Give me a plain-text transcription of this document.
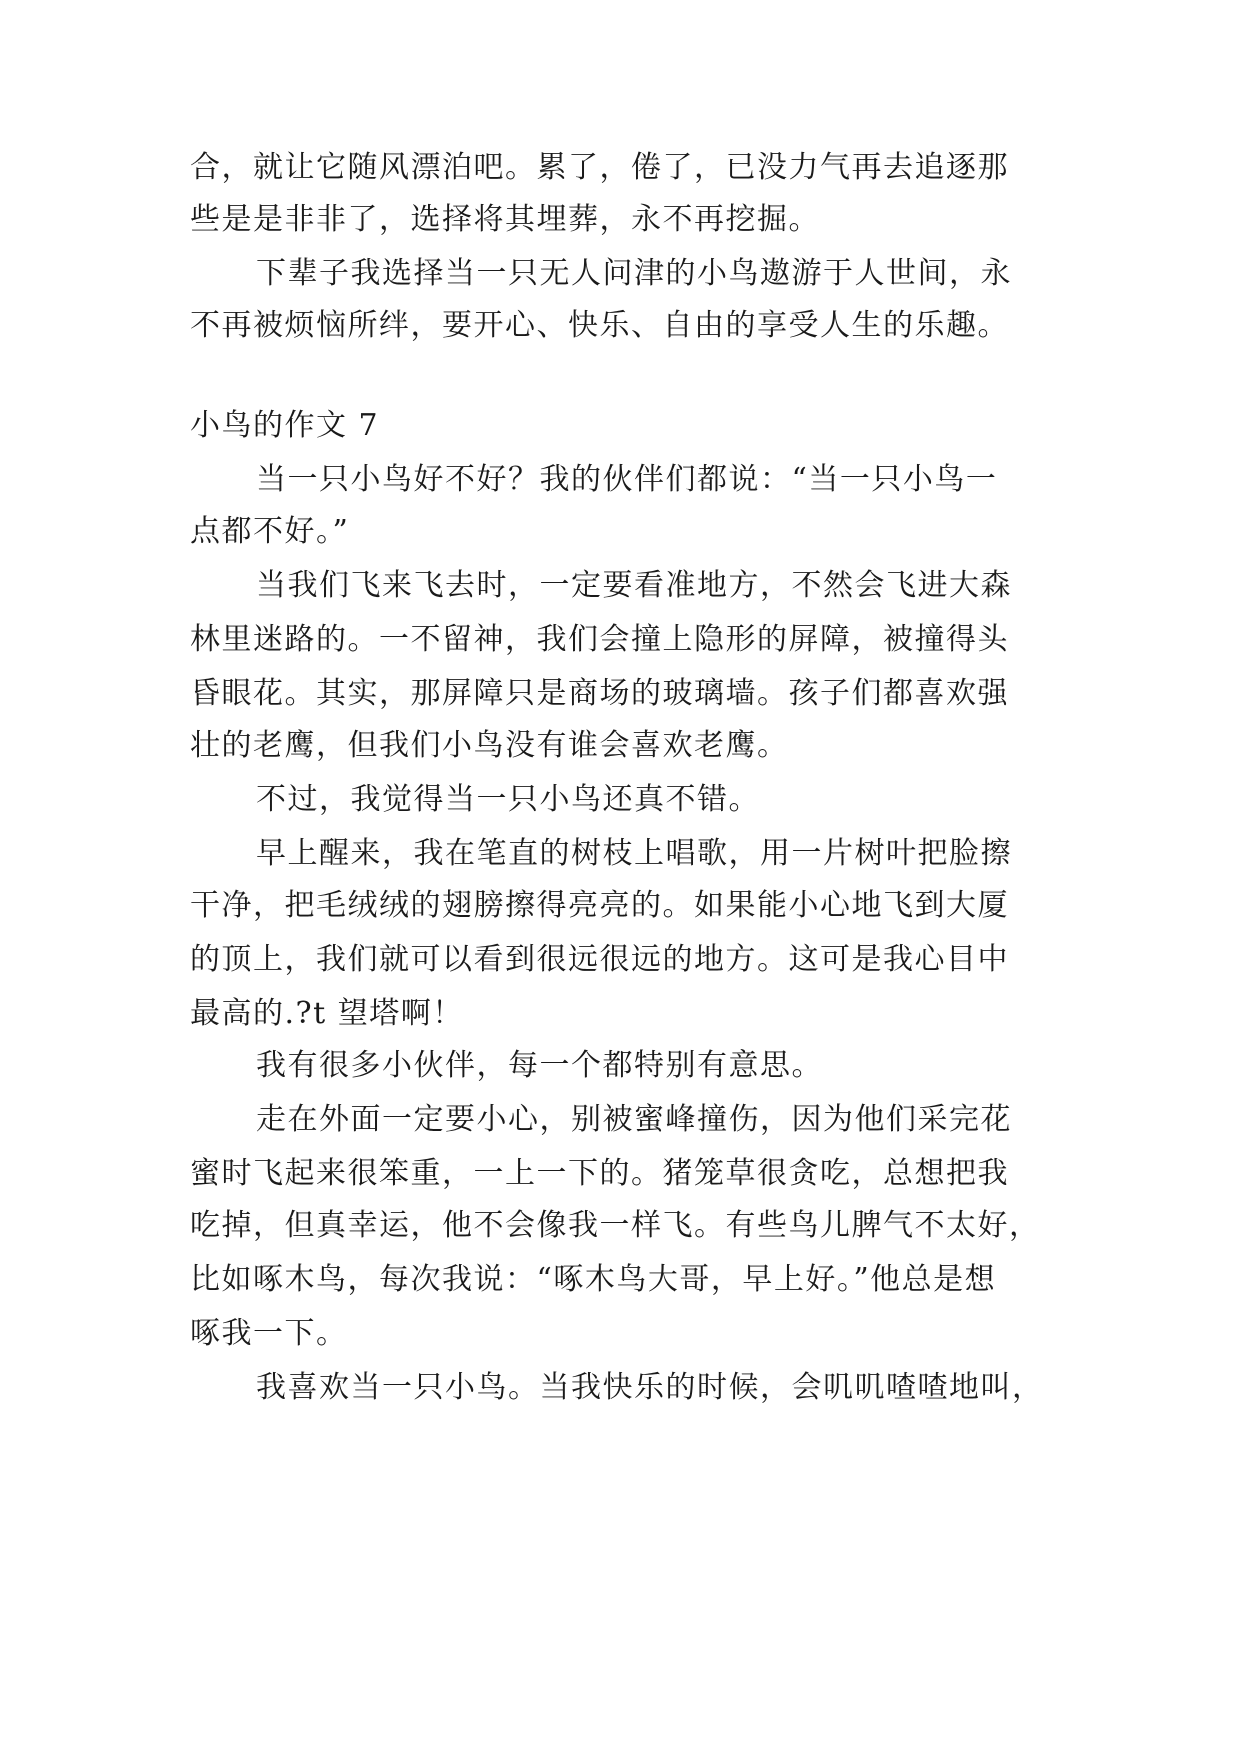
合，就让它随风漂泊吧。累了，倦了，已没力气再去追逐那
些是是非非了，选择将其埋葬，永不再挖掘。
下辈子我选择当一只无人问津的小鸟遨游于人世间，永
不再被烦恼所绊，要开心、快乐、自由的享受人生的乐趣。
小鸟的作文 7
当一只小鸟好不好？我的伙伴们都说：“当一只小鸟一
点都不好。”
当我们飞来飞去时，一定要看准地方，不然会飞进大森
林里迷路的。一不留神，我们会撞上隐形的屏障，被撞得头
昏眼花。其实，那屏障只是商场的玻璃墙。孩子们都喜欢强
壮的老鹰，但我们小鸟没有谁会喜欢老鹰。
不过，我觉得当一只小鸟还真不错。
早上醒来，我在笔直的树枝上唱歌，用一片树叶把脸擦
干净，把毛绒绒的翅膀擦得亮亮的。如果能小心地飞到大厦
的顶上，我们就可以看到很远很远的地方。这可是我心目中
最高的.?t 望塔啊！
我有很多小伙伴，每一个都特别有意思。
走在外面一定要小心，别被蜜峰撞伤，因为他们采完花
蜜时飞起来很笨重，一上一下的。猪笼草很贪吃，总想把我
吃掉，但真幸运，他不会像我一样飞。有些鸟儿脾气不太好，
比如啄木鸟，每次我说：“啄木鸟大哥，早上好。”他总是想
啄我一下。
我喜欢当一只小鸟。当我快乐的时候，会叽叽喳喳地叫，
